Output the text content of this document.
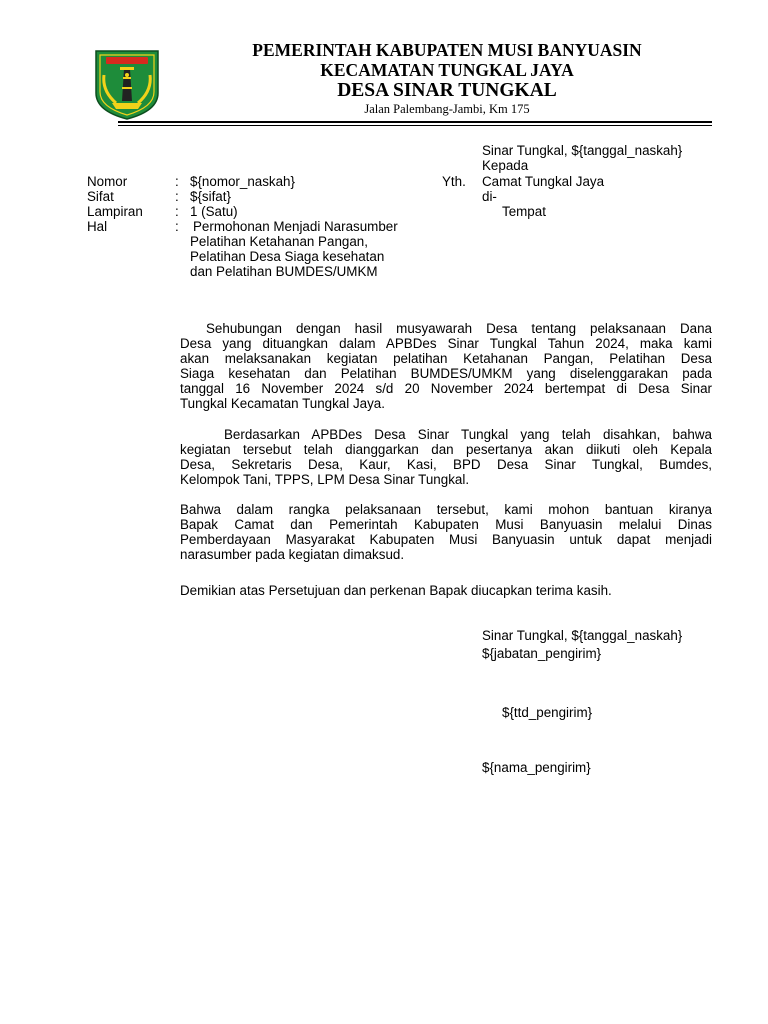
PEMERINTAH KABUPATEN MUSI BANYUASIN
KECAMATAN TUNGKAL JAYA
DESA SINAR TUNGKAL
Jalan Palembang-Jambi, Km 175
Sinar Tungkal, ${tanggal_naskah}
Kepada
Yth. Camat Tungkal Jaya
di-
Tempat
Nomor	: ${nomor_naskah}
Sifat	: ${sifat}
Lampiran	: 1 (Satu)
Hal	: Permohonan Menjadi Narasumber
Pelatihan Ketahanan Pangan,
Pelatihan Desa Siaga kesehatan
dan Pelatihan BUMDES/UMKM
Sehubungan dengan hasil musyawarah Desa tentang pelaksanaan Dana
Desa yang dituangkan dalam APBDes Sinar Tungkal Tahun 2024, maka kami
akan melaksanakan kegiatan pelatihan Ketahanan Pangan, Pelatihan Desa
Siaga kesehatan dan Pelatihan BUMDES/UMKM yang diselenggarakan pada
tanggal 16 November 2024 s/d 20 November 2024 bertempat di Desa Sinar
Tungkal Kecamatan Tungkal Jaya.
Berdasarkan APBDes Desa Sinar Tungkal yang telah disahkan, bahwa
kegiatan tersebut telah dianggarkan dan pesertanya akan diikuti oleh Kepala
Desa, Sekretaris Desa, Kaur, Kasi, BPD Desa Sinar Tungkal, Bumdes,
Kelompok Tani, TPPS, LPM Desa Sinar Tungkal.
Bahwa dalam rangka pelaksanaan tersebut, kami mohon bantuan kiranya
Bapak Camat dan Pemerintah Kabupaten Musi Banyuasin melalui Dinas
Pemberdayaan Masyarakat Kabupaten Musi Banyuasin untuk dapat menjadi
narasumber pada kegiatan dimaksud.
Demikian atas Persetujuan dan perkenan Bapak diucapkan terima kasih.
Sinar Tungkal, ${tanggal_naskah}
${jabatan_pengirim}
${ttd_pengirim}
${nama_pengirim}
